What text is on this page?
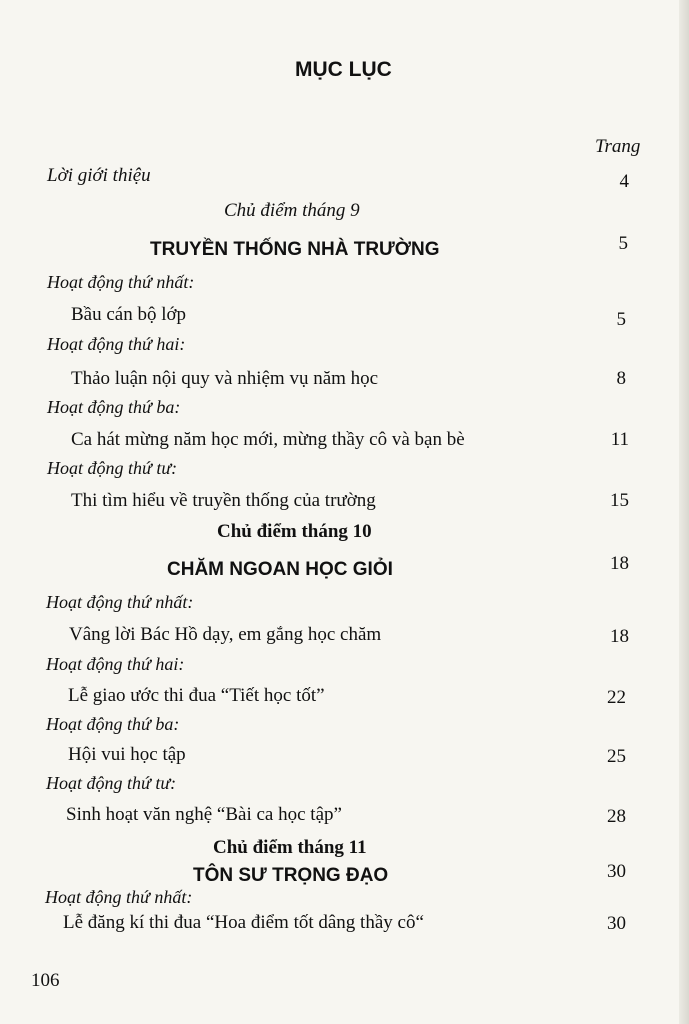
MỤC LỤC
Trang
Lời giới thiệu	4
Chủ điểm tháng 9
TRUYỀN THỐNG NHÀ TRƯỜNG	5
Hoạt động thứ nhất:
Bầu cán bộ lớp	5
Hoạt động thứ hai:
Thảo luận nội quy và nhiệm vụ năm học	8
Hoạt động thứ ba:
Ca hát mừng năm học mới, mừng thầy cô và bạn bè	11
Hoạt động thứ tư:
Thi tìm hiểu về truyền thống của trường	15
Chủ điểm tháng 10
CHĂM NGOAN HỌC GIỎI	18
Hoạt động thứ nhất:
Vâng lời Bác Hồ dạy, em gắng học chăm	18
Hoạt động thứ hai:
Lễ giao ước thi đua “Tiết học tốt”	22
Hoạt động thứ ba:
Hội vui học tập	25
Hoạt động thứ tư:
Sinh hoạt văn nghệ “Bài ca học tập”	28
Chủ điểm tháng 11
TÔN SƯ TRỌNG ĐẠO	30
Hoạt động thứ nhất:
Lễ đăng kí thi đua “Hoa điểm tốt dâng thầy cô“	30
106
